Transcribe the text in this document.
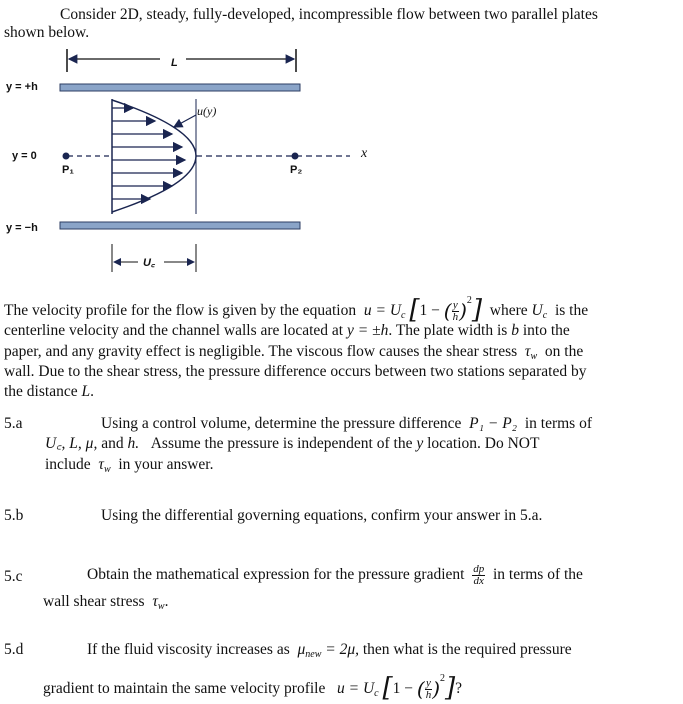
Consider 2D, steady, fully-developed, incompressible flow between two parallel plates
shown below.
L
y = +h
y = 0
y = −h
u(y)
P₁	P₂
x
U꜀
The velocity profile for the flow is given by the equation $u = U_c$ [1 − ( $\frac{y}{h} )^2$] where $U_c$ is the
centerline velocity and the channel walls are located at y = ±h. The plate width is b into the
paper, and any gravity effect is negligible. The viscous flow causes the shear stress $\tau_w$ on the
wall. Due to the shear stress, the pressure difference occurs between two stations separated by
the distance L.
5.a	Using a control volume, determine the pressure difference P₁ − P₂ in terms of
U꜀, L, μ, and h. Assume the pressure is independent of the y location. Do NOT
include $\tau_w$ in your answer.
5.b	Using the differential governing equations, confirm your answer in 5.a.
5.c	Obtain the mathematical expression for the pressure gradient $\frac{dp}{dx}$ in terms of the
wall shear stress $\tau_w$.
5.d	If the fluid viscosity increases as $\mu_{new} = 2\mu$, then what is the required pressure
gradient to maintain the same velocity profile $u = U_c$ [1 − ( $\frac{y}{h} )^2$]?
